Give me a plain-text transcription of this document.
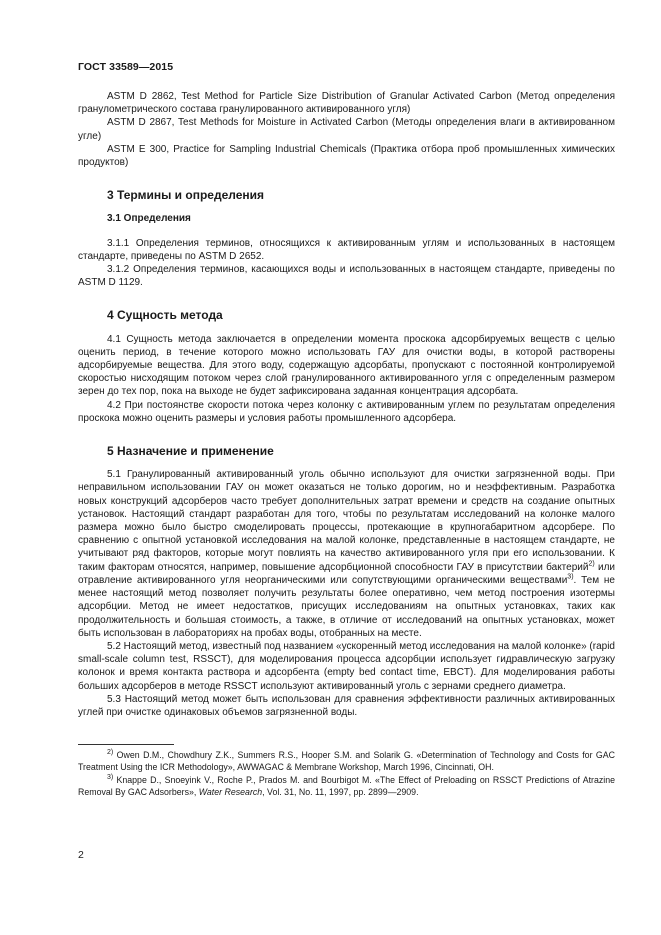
ГОСТ 33589—2015

ASTM D 2862, Test Method for Particle Size Distribution of Granular Activated Carbon (Метод определения гранулометрического состава гранулированного активированного угля)

ASTM D 2867, Test Methods for Moisture in Activated Carbon (Методы определения влаги в активированном угле)

ASTM E 300, Practice for Sampling Industrial Chemicals (Практика отбора проб промышленных химических продуктов)

3 Термины и определения
3.1 Определения

3.1.1 Определения терминов, относящихся к активированным углям и использованных в настоящем стандарте, приведены по ASTM D 2652.

3.1.2 Определения терминов, касающихся воды и использованных в настоящем стандарте, приведены по ASTM D 1129.

4 Сущность метода

4.1 Сущность метода заключается в определении момента проскока адсорбируемых веществ с целью оценить период, в течение которого можно использовать ГАУ для очистки воды, в которой растворены адсорбируемые вещества. Для этого воду, содержащую адсорбаты, пропускают с постоянной контролируемой скоростью нисходящим потоком через слой гранулированного активированного угля с определенным размером зерен до тех пор, пока на выходе не будет зафиксирована заданная концентрация адсорбата.

4.2 При постоянстве скорости потока через колонку с активированным углем по результатам определения проскока можно оценить размеры и условия работы промышленного адсорбера.

5 Назначение и применение

5.1 Гранулированный активированный уголь обычно используют для очистки загрязненной воды. При неправильном использовании ГАУ он может оказаться не только дорогим, но и неэффективным. Разработка новых конструкций адсорберов часто требует дополнительных затрат времени и средств на создание опытных установок. Настоящий стандарт разработан для того, чтобы по результатам исследований на колонке малого размера можно было быстро смоделировать процессы, протекающие в крупногабаритном адсорбере. По сравнению с опытной установкой исследования на малой колонке, представленные в настоящем стандарте, не учитывают ряд факторов, которые могут повлиять на качество активированного угля при его использовании. К таким факторам относятся, например, повышение адсорбционной способности ГАУ в присутствии бактерий$^{2)}$ или отравление активированного угля неорганическими или сопутствующими органическими веществами$^{3)}$. Тем не менее настоящий метод позволяет получить результаты более оперативно, чем метод построения изотермы адсорбции. Метод не имеет недостатков, присущих исследованиям на опытных установках, таких как продолжительность и большая стоимость, а также, в отличие от исследований на опытных установках, может быть использован в лабораториях на пробах воды, отобранных на месте.

5.2 Настоящий метод, известный под названием «ускоренный метод исследования на малой колонке» (rapid small-scale column test, RSSCT), для моделирования процесса адсорбции использует гидравлическую загрузку колонок и время контакта раствора и адсорбента (empty bed contact time, EBCT). Для моделирования работы больших адсорберов в методе RSSCT используют активированный уголь с зернами среднего диаметра.

5.3 Настоящий метод может быть использован для сравнения эффективности различных активированных углей при очистке одинаковых объемов загрязненной воды.

$^{2)}$ Owen D.M., Chowdhury Z.K., Summers R.S., Hooper S.M. and Solarik G. «Determination of Technology and Costs for GAC Treatment Using the ICR Methodology», AWWAGAC & Membrane Workshop, March 1996, Cincinnati, OH.

$^{3)}$ Knappe D., Snoeyink V., Roche P., Prados M. and Bourbigot M. «The Effect of Preloading on RSSCT Predictions of Atrazine Removal By GAC Adsorbers», Water Research, Vol. 31, No. 11, 1997, pp. 2899—2909.

2
